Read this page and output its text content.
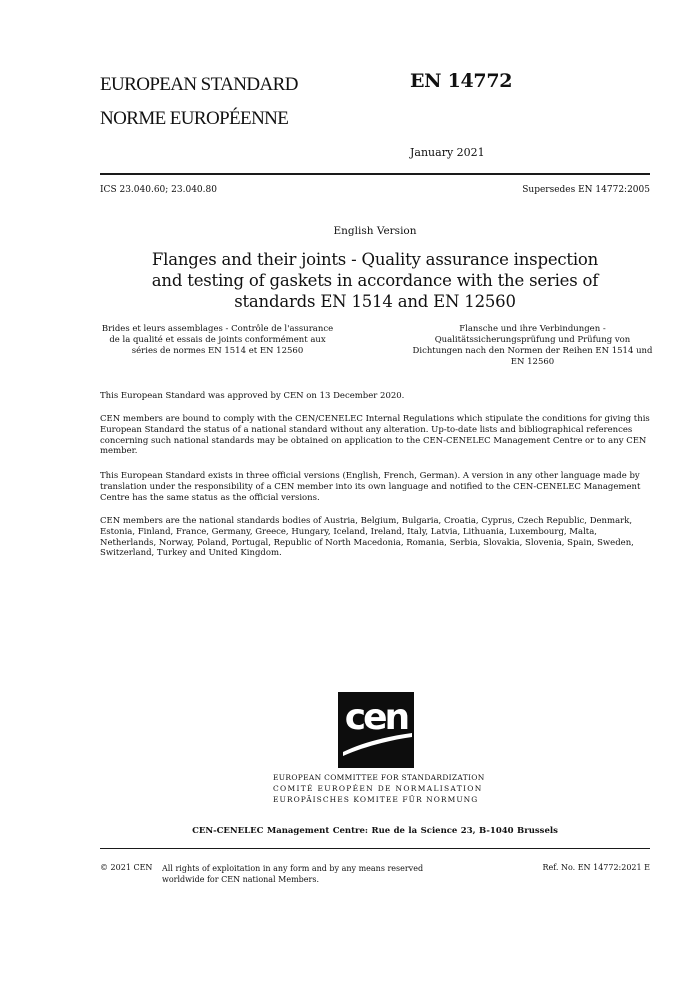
EUROPEAN STANDARD
NORME EUROPÉENNE
EN 14772
January 2021
ICS 23.040.60; 23.040.80	Supersedes EN 14772:2005
English Version
Flanges and their joints - Quality assurance inspection and testing of gaskets in accordance with the series of standards EN 1514 and EN 12560
Brides et leurs assemblages - Contrôle de l'assurance de la qualité et essais de joints conformément aux séries de normes EN 1514 et EN 12560
Flansche und ihre Verbindungen - Qualitätssicherungsprüfung und Prüfung von Dichtungen nach den Normen der Reihen EN 1514 und EN 12560
This European Standard was approved by CEN on 13 December 2020.
CEN members are bound to comply with the CEN/CENELEC Internal Regulations which stipulate the conditions for giving this European Standard the status of a national standard without any alteration. Up-to-date lists and bibliographical references concerning such national standards may be obtained on application to the CEN-CENELEC Management Centre or to any CEN member.
This European Standard exists in three official versions (English, French, German). A version in any other language made by translation under the responsibility of a CEN member into its own language and notified to the CEN-CENELEC Management Centre has the same status as the official versions.
CEN members are the national standards bodies of Austria, Belgium, Bulgaria, Croatia, Cyprus, Czech Republic, Denmark, Estonia, Finland, France, Germany, Greece, Hungary, Iceland, Ireland, Italy, Latvia, Lithuania, Luxembourg, Malta, Netherlands, Norway, Poland, Portugal, Republic of North Macedonia, Romania, Serbia, Slovakia, Slovenia, Spain, Sweden, Switzerland, Turkey and United Kingdom.
cen
EUROPEAN COMMITTEE FOR STANDARDIZATION
COMITÉ EUROPÉEN DE NORMALISATION
EUROPÄISCHES KOMITEE FÜR NORMUNG
CEN-CENELEC Management Centre: Rue de la Science 23, B-1040 Brussels
© 2021 CEN All rights of exploitation in any form and by any means reserved worldwide for CEN national Members.
Ref. No. EN 14772:2021 E
